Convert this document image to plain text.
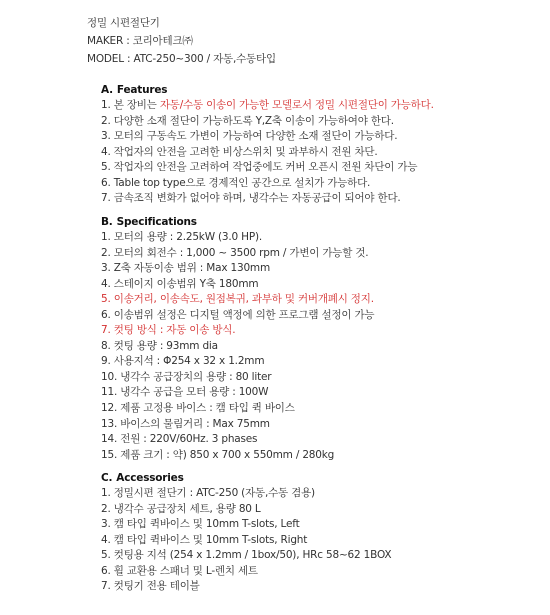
정밀 시편절단기
MAKER : 코리아테크㈜
MODEL : ATC-250~300 / 자동,수동타입
A. Features
1. 본 장비는 자동/수동 이송이 가능한 모델로서 정밀 시편절단이 가능하다.
2. 다양한 소재 절단이 가능하도록 Y,Z축 이송이 가능하여야 한다.
3. 모터의 구동속도 가변이 가능하여 다양한 소재 절단이 가능하다.
4. 작업자의 안전을 고려한 비상스위치 및 과부하시 전원 차단.
5. 작업자의 안전을 고려하여 작업중에도 커버 오픈시 전원 차단이 가능
6. Table top type으로 경제적인 공간으로 설치가 가능하다.
7. 금속조직 변화가 없어야 하며, 냉각수는 자동공급이 되어야 한다.
B. Specifications
1. 모터의 용량 : 2.25kW (3.0 HP).
2. 모터의 회전수 : 1,000 ~ 3500 rpm / 가변이 가능할 것.
3. Z축 자동이송 범위 : Max 130mm
4. 스테이지 이송범위 Y축 180mm
5. 이송거리, 이송속도, 원점복귀, 과부하 및 커버개폐시 정지.
6. 이송범위 설정은 디지털 액정에 의한 프로그램 설정이 가능
7. 컷팅 방식 : 자동 이송 방식.
8. 컷팅 용량 : 93mm dia
9. 사용지석 : Φ254 x 32 x 1.2mm
10. 냉각수 공급장치의 용량 : 80 liter
11. 냉각수 공급을 모터 용량 : 100W
12. 제품 고정용 바이스 : 캠 타입 퀵 바이스
13. 바이스의 물림거리 : Max 75mm
14. 전원 : 220V/60Hz. 3 phases
15. 제품 크기 : 약) 850 x 700 x 550mm / 280kg
C. Accessories
1. 정밀시편 절단기 : ATC-250 (자동,수동 겸용)
2. 냉각수 공급장치 세트, 용량 80 L
3. 캠 타입 퀵바이스 및 10mm T-slots, Left
4. 캠 타입 퀵바이스 및 10mm T-slots, Right
5. 컷팅용 지석 (254 x 1.2mm / 1box/50), HRc 58~62 1BOX
6. 휠 교환용 스패너 및 L-렌치 세트
7. 컷팅기 전용 테이블
